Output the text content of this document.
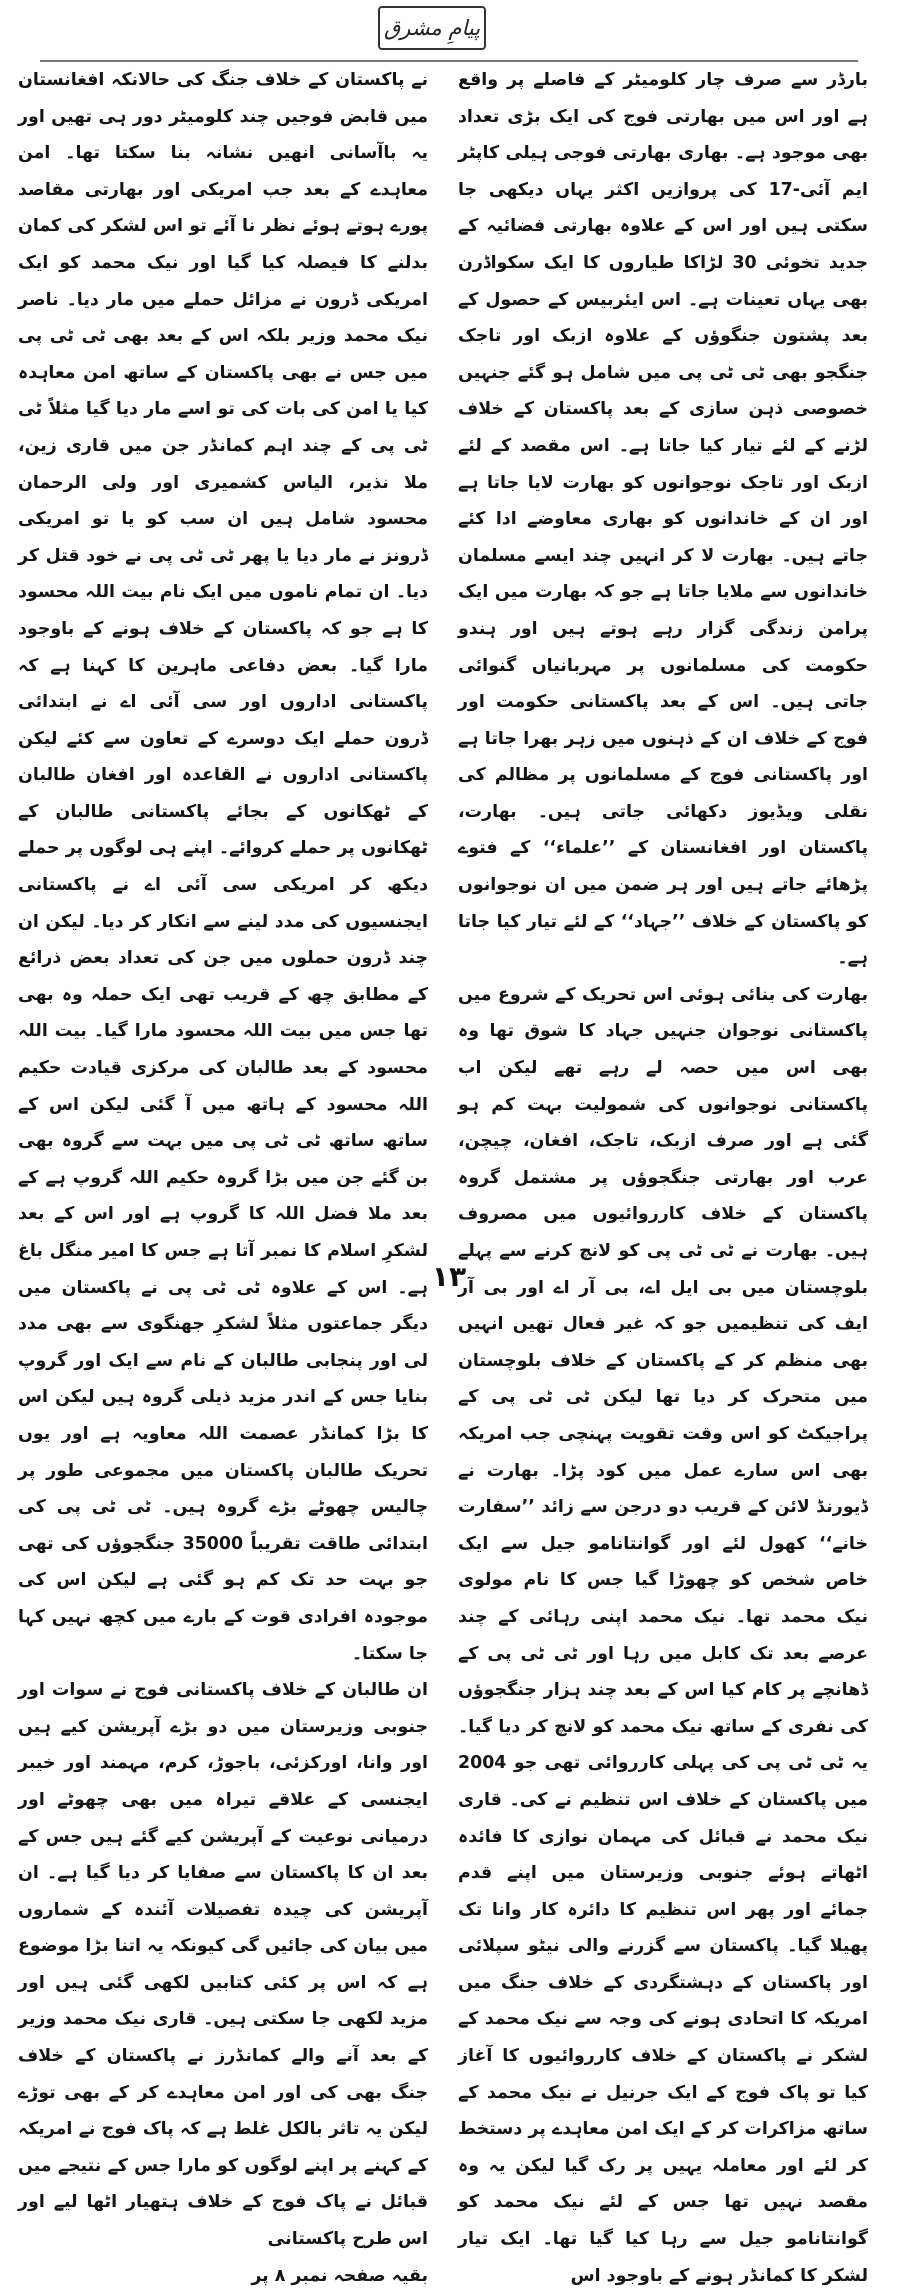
پیامِ مشرق

بارڈر سے صرف چار کلومیٹر کے فاصلے پر واقع ہے اور اس میں بھارتی فوج کی ایک بڑی تعداد بھی موجود ہے۔ بھاری بھارتی فوجی ہیلی کاپٹر ایم آئی-17 کی پروازیں اکثر یہاں دیکھی جا سکتی ہیں اور اس کے علاوہ بھارتی فضائیہ کے جدید تخوئی 30 لڑاکا طیاروں کا ایک سکواڈرن بھی یہاں تعینات ہے۔ اس ایئربیس کے حصول کے بعد پشتون جنگوؤں کے علاوہ ازبک اور تاجک جنگجو بھی ٹی ٹی پی میں شامل ہو گئے جنہیں خصوصی ذہن سازی کے بعد پاکستان کے خلاف لڑنے کے لئے تیار کیا جاتا ہے۔ اس مقصد کے لئے ازبک اور تاجک نوجوانوں کو بھارت لایا جاتا ہے اور ان کے خاندانوں کو بھاری معاوضے ادا کئے جاتے ہیں۔ بھارت لا کر انہیں چند ایسے مسلمان خاندانوں سے ملایا جاتا ہے جو کہ بھارت میں ایک پرامن زندگی گزار رہے ہوتے ہیں اور ہندو حکومت کی مسلمانوں پر مہربانیاں گنوائی جاتی ہیں۔ اس کے بعد پاکستانی حکومت اور فوج کے خلاف ان کے ذہنوں میں زہر بھرا جاتا ہے اور پاکستانی فوج کے مسلمانوں پر مظالم کی نقلی ویڈیوز دکھائی جاتی ہیں۔ بھارت، پاکستان اور افغانستان کے ’’علماء‘‘ کے فتوے پڑھائے جاتے ہیں اور ہر ضمن میں ان نوجوانوں کو پاکستان کے خلاف ’’جہاد‘‘ کے لئے تیار کیا جاتا ہے۔

بھارت کی بنائی ہوئی اس تحریک کے شروع میں پاکستانی نوجوان جنہیں جہاد کا شوق تھا وہ بھی اس میں حصہ لے رہے تھے لیکن اب پاکستانی نوجوانوں کی شمولیت بہت کم ہو گئی ہے اور صرف ازبک، تاجک، افغان، چیچن، عرب اور بھارتی جنگجوؤں پر مشتمل گروہ پاکستان کے خلاف کارروائیوں میں مصروف ہیں۔ بھارت نے ٹی ٹی پی کو لانچ کرنے سے پہلے بلوچستان میں بی ایل اے، بی آر اے اور بی آر ایف کی تنظیمیں جو کہ غیر فعال تھیں انہیں بھی منظم کر کے پاکستان کے خلاف بلوچستان میں متحرک کر دیا تھا لیکن ٹی ٹی پی کے پراجیکٹ کو اس وقت تقویت پہنچی جب امریکہ بھی اس سارے عمل میں کود پڑا۔ بھارت نے ڈیورنڈ لائن کے قریب دو درجن سے زائد ’’سفارت خانے‘‘ کھول لئے اور گوانتانامو جیل سے ایک خاص شخص کو چھوڑا گیا جس کا نام مولوی نیک محمد تھا۔ نیک محمد اپنی رہائی کے چند عرصے بعد تک کابل میں رہا اور ٹی ٹی پی کے ڈھانچے پر کام کیا اس کے بعد چند ہزار جنگجوؤں کی نفری کے ساتھ نیک محمد کو لانچ کر دیا گیا۔ یہ ٹی ٹی پی کی پہلی کارروائی تھی جو 2004 میں پاکستان کے خلاف اس تنظیم نے کی۔ قاری نیک محمد نے قبائل کی مہمان نوازی کا فائدہ اٹھاتے ہوئے جنوبی وزیرستان میں اپنے قدم جمائے اور پھر اس تنظیم کا دائرہ کار وانا تک پھیلا گیا۔ پاکستان سے گزرنے والی نیٹو سپلائی اور پاکستان کے دہشتگردی کے خلاف جنگ میں امریکہ کا اتحادی ہونے کی وجہ سے نیک محمد کے لشکر نے پاکستان کے خلاف کارروائیوں کا آغاز کیا تو پاک فوج کے ایک جرنیل نے نیک محمد کے ساتھ مزاکرات کر کے ایک امن معاہدے پر دستخط کر لئے اور معاملہ یہیں پر رک گیا لیکن یہ وہ مقصد نہیں تھا جس کے لئے نیک محمد کو گوانتانامو جیل سے رہا کیا گیا تھا۔ ایک تیار لشکر کا کمانڈر ہونے کے باوجود اس

نے پاکستان کے خلاف جنگ کی حالانکہ افغانستان میں قابض فوجیں چند کلومیٹر دور ہی تھیں اور یہ باآسانی انھیں نشانہ بنا سکتا تھا۔ امن معاہدے کے بعد جب امریکی اور بھارتی مقاصد پورے ہوتے ہوئے نظر نا آئے تو اس لشکر کی کمان بدلنے کا فیصلہ کیا گیا اور نیک محمد کو ایک امریکی ڈرون نے مزائل حملے میں مار دیا۔ ناصر نیک محمد وزیر بلکہ اس کے بعد بھی ٹی ٹی پی میں جس نے بھی پاکستان کے ساتھ امن معاہدہ کیا یا امن کی بات کی تو اسے مار دیا گیا مثلاً ٹی ٹی پی کے چند اہم کمانڈر جن میں قاری زین، ملا نذیر، الیاس کشمیری اور ولی الرحمان محسود شامل ہیں ان سب کو یا تو امریکی ڈرونز نے مار دیا یا پھر ٹی ٹی پی نے خود قتل کر دیا۔ ان تمام ناموں میں ایک نام بیت اللہ محسود کا ہے جو کہ پاکستان کے خلاف ہونے کے باوجود مارا گیا۔ بعض دفاعی ماہرین کا کہنا ہے کہ پاکستانی اداروں اور سی آئی اے نے ابتدائی ڈرون حملے ایک دوسرے کے تعاون سے کئے لیکن پاکستانی اداروں نے القاعدہ اور افغان طالبان کے ٹھکانوں کے بجائے پاکستانی طالبان کے ٹھکانوں پر حملے کروائے۔ اپنے ہی لوگوں پر حملے دیکھ کر امریکی سی آئی اے نے پاکستانی ایجنسیوں کی مدد لینے سے انکار کر دیا۔ لیکن ان چند ڈرون حملوں میں جن کی تعداد بعض ذرائع کے مطابق چھ کے قریب تھی ایک حملہ وہ بھی تھا جس میں بیت اللہ محسود مارا گیا۔ بیت اللہ محسود کے بعد طالبان کی مرکزی قیادت حکیم اللہ محسود کے ہاتھ میں آ گئی لیکن اس کے ساتھ ساتھ ٹی ٹی پی میں بہت سے گروہ بھی بن گئے جن میں بڑا گروہ حکیم اللہ گروپ ہے کے بعد ملا فضل اللہ کا گروپ ہے اور اس کے بعد لشکرِ اسلام کا نمبر آتا ہے جس کا امیر منگل باغ ہے۔ اس کے علاوہ ٹی ٹی پی نے پاکستان میں دیگر جماعتوں مثلاً لشکرِ جھنگوی سے بھی مدد لی اور پنجابی طالبان کے نام سے ایک اور گروپ بنایا جس کے اندر مزید ذیلی گروہ ہیں لیکن اس کا بڑا کمانڈر عصمت اللہ معاویہ ہے اور یوں تحریک طالبان پاکستان میں مجموعی طور پر چالیس چھوٹے بڑے گروہ ہیں۔ ٹی ٹی پی کی ابتدائی طاقت تقریباً 35000 جنگجوؤں کی تھی جو بہت حد تک کم ہو گئی ہے لیکن اس کی موجودہ افرادی قوت کے بارے میں کچھ نہیں کہا جا سکتا۔

ان طالبان کے خلاف پاکستانی فوج نے سوات اور جنوبی وزیرستان میں دو بڑے آپریشن کیے ہیں اور وانا، اورکزئی، باجوڑ، کرم، مہمند اور خیبر ایجنسی کے علاقے تیراہ میں بھی چھوٹے اور درمیانی نوعیت کے آپریشن کیے گئے ہیں جس کے بعد ان کا پاکستان سے صفایا کر دیا گیا ہے۔ ان آپریشن کی چیدہ تفصیلات آئندہ کے شماروں میں بیان کی جائیں گی کیونکہ یہ اتنا بڑا موضوع ہے کہ اس پر کئی کتابیں لکھی گئی ہیں اور مزید لکھی جا سکتی ہیں۔ قاری نیک محمد وزیر کے بعد آنے والے کمانڈرز نے پاکستان کے خلاف جنگ بھی کی اور امن معاہدے کر کے بھی توڑے لیکن یہ تاثر بالکل غلط ہے کہ پاک فوج نے امریکہ کے کہنے پر اپنے لوگوں کو مارا جس کے نتیجے میں قبائل نے پاک فوج کے خلاف ہتھیار اٹھا لیے اور اس طرح پاکستانی

بقیہ صفحہ نمبر ۸ پر

۱۳
